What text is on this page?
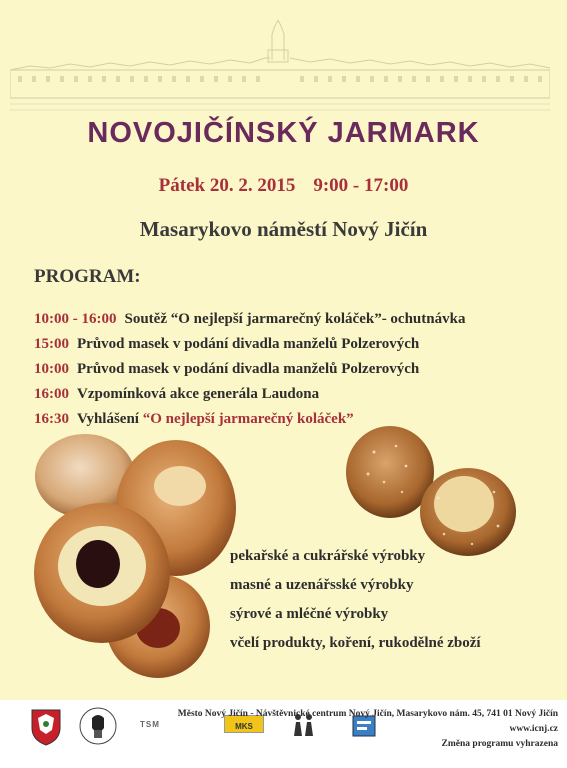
NOVOJIČÍNSKÝ JARMARK
Pátek 20. 2. 2015 9:00 - 17:00
Masarykovo náměstí Nový Jičín
PROGRAM:
10:00 - 16:00 Soutěž “O nejlepší jarmarečný koláček”- ochutnávka
15:00 Průvod masek v podání divadla manželů Polzerových
10:00 Průvod masek v podání divadla manželů Polzerových
16:00 Vzpomínková akce generála Laudona
16:30 Vyhlášení “O nejlepší jarmarečný koláček”
pekařské a cukrářské výrobky
masné a uzenářsské výrobky
sýrové a mléčné výrobky
včelí produkty, koření, rukodělné zboží
TSM	MKS
Město Nový Jičín - Návštěvnické centrum Nový Jičín, Masarykovo nám. 45, 741 01 Nový Jičín
www.icnj.cz
Změna programu vyhrazena
